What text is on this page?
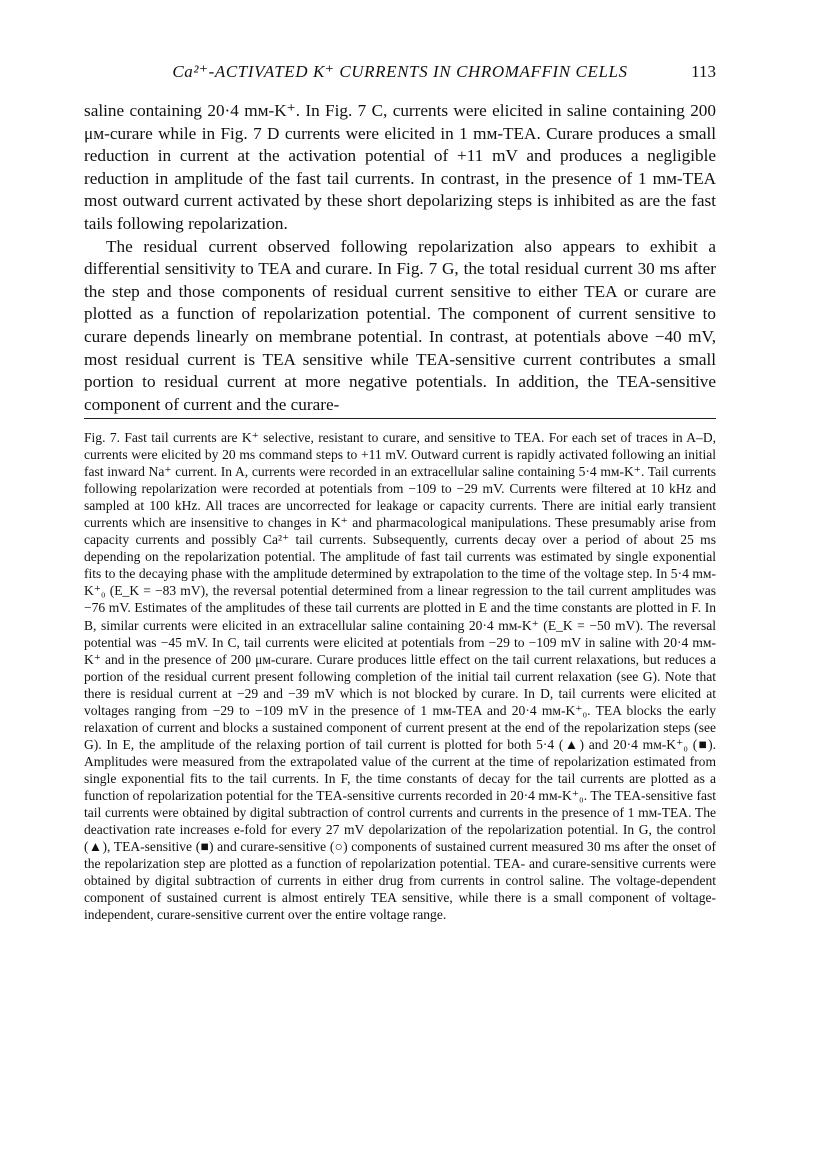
Ca²⁺-ACTIVATED K⁺ CURRENTS IN CHROMAFFIN CELLS	113

saline containing 20·4 mᴍ-K⁺. In Fig. 7 C, currents were elicited in saline containing 200 μᴍ-curare while in Fig. 7 D currents were elicited in 1 mᴍ-TEA. Curare produces a small reduction in current at the activation potential of +11 mV and produces a negligible reduction in amplitude of the fast tail currents. In contrast, in the presence of 1 mᴍ-TEA most outward current activated by these short depolarizing steps is inhibited as are the fast tails following repolarization.

The residual current observed following repolarization also appears to exhibit a differential sensitivity to TEA and curare. In Fig. 7 G, the total residual current 30 ms after the step and those components of residual current sensitive to either TEA or curare are plotted as a function of repolarization potential. The component of current sensitive to curare depends linearly on membrane potential. In contrast, at potentials above −40 mV, most residual current is TEA sensitive while TEA-sensitive current contributes a small portion to residual current at more negative potentials. In addition, the TEA-sensitive component of current and the curare-

Fig. 7. Fast tail currents are K⁺ selective, resistant to curare, and sensitive to TEA. For each set of traces in A–D, currents were elicited by 20 ms command steps to +11 mV. Outward current is rapidly activated following an initial fast inward Na⁺ current. In A, currents were recorded in an extracellular saline containing 5·4 mᴍ-K⁺. Tail currents following repolarization were recorded at potentials from −109 to −29 mV. Currents were filtered at 10 kHz and sampled at 100 kHz. All traces are uncorrected for leakage or capacity currents. There are initial early transient currents which are insensitive to changes in K⁺ and pharmacological manipulations. These presumably arise from capacity currents and possibly Ca²⁺ tail currents. Subsequently, currents decay over a period of about 25 ms depending on the repolarization potential. The amplitude of fast tail currents was estimated by single exponential fits to the decaying phase with the amplitude determined by extrapolation to the time of the voltage step. In 5·4 mᴍ-K⁺₀ (E_K = −83 mV), the reversal potential determined from a linear regression to the tail current amplitudes was −76 mV. Estimates of the amplitudes of these tail currents are plotted in E and the time constants are plotted in F. In B, similar currents were elicited in an extracellular saline containing 20·4 mᴍ-K⁺ (E_K = −50 mV). The reversal potential was −45 mV. In C, tail currents were elicited at potentials from −29 to −109 mV in saline with 20·4 mᴍ-K⁺ and in the presence of 200 μᴍ-curare. Curare produces little effect on the tail current relaxations, but reduces a portion of the residual current present following completion of the initial tail current relaxation (see G). Note that there is residual current at −29 and −39 mV which is not blocked by curare. In D, tail currents were elicited at voltages ranging from −29 to −109 mV in the presence of 1 mᴍ-TEA and 20·4 mᴍ-K⁺₀. TEA blocks the early relaxation of current and blocks a sustained component of current present at the end of the repolarization steps (see G). In E, the amplitude of the relaxing portion of tail current is plotted for both 5·4 (▲) and 20·4 mᴍ-K⁺₀ (■). Amplitudes were measured from the extrapolated value of the current at the time of repolarization estimated from single exponential fits to the tail currents. In F, the time constants of decay for the tail currents are plotted as a function of repolarization potential for the TEA-sensitive currents recorded in 20·4 mᴍ-K⁺₀. The TEA-sensitive fast tail currents were obtained by digital subtraction of control currents and currents in the presence of 1 mᴍ-TEA. The deactivation rate increases e-fold for every 27 mV depolarization of the repolarization potential. In G, the control (▲), TEA-sensitive (■) and curare-sensitive (○) components of sustained current measured 30 ms after the onset of the repolarization step are plotted as a function of repolarization potential. TEA- and curare-sensitive currents were obtained by digital subtraction of currents in either drug from currents in control saline. The voltage-dependent component of sustained current is almost entirely TEA sensitive, while there is a small component of voltage-independent, curare-sensitive current over the entire voltage range.
